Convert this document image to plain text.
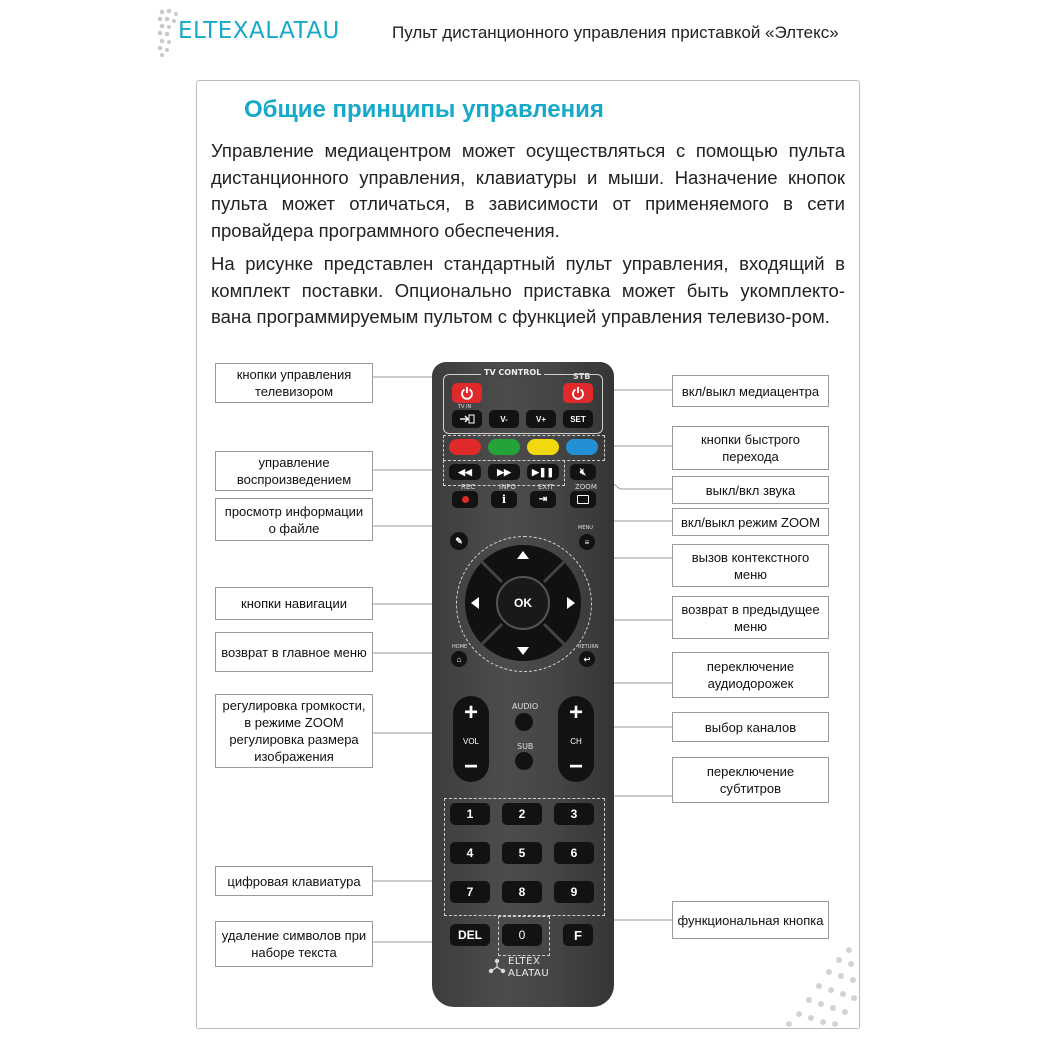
ELTEXALATAU	Пульт дистанционного управления приставкой «Элтекс»
Общие принципы управления
Управление медиацентром может осуществляться с помощью пульта дистанционного управления, клавиатуры и мыши. Назначение кнопок пульта может отличаться, в зависимости от применяемого в сети провайдера программного обеспечения.
На рисунке представлен стандартный пульт управления, входящий в комплект поставки. Опционально приставка может быть укомплекто-вана программируемым пультом с функцией управления телевизо-ром.
кнопки управления телевизором
управление воспроизведением
просмотр информации о файле
кнопки навигации
возврат в главное меню
регулировка громкости, в режиме ZOOM регулировка размера изображения
цифровая клавиатура
удаление символов при наборе текста
вкл/выкл медиацентра
кнопки быстрого перехода
выкл/вкл звука
вкл/выкл режим ZOOM
вызов контекстного меню
возврат в предыдущее меню
переключение аудиодорожек
выбор каналов
переключение субтитров
функциональная кнопка
TV CONTROL	STB
TV IN
V-	V+	SET
◀◀	▶▶ ▶❚❚	🔇︎
REC	INFO	EXIT	ZOOM
i	⇥
✎
MENU
≡
OK
HOME
⌂
RETURN
↩
AUDIO
SUB
+
VOL
−
+
CH
−
1	2	3
4	5	6
7	8	9
DEL	0	F
ELTEX
ALATAU
